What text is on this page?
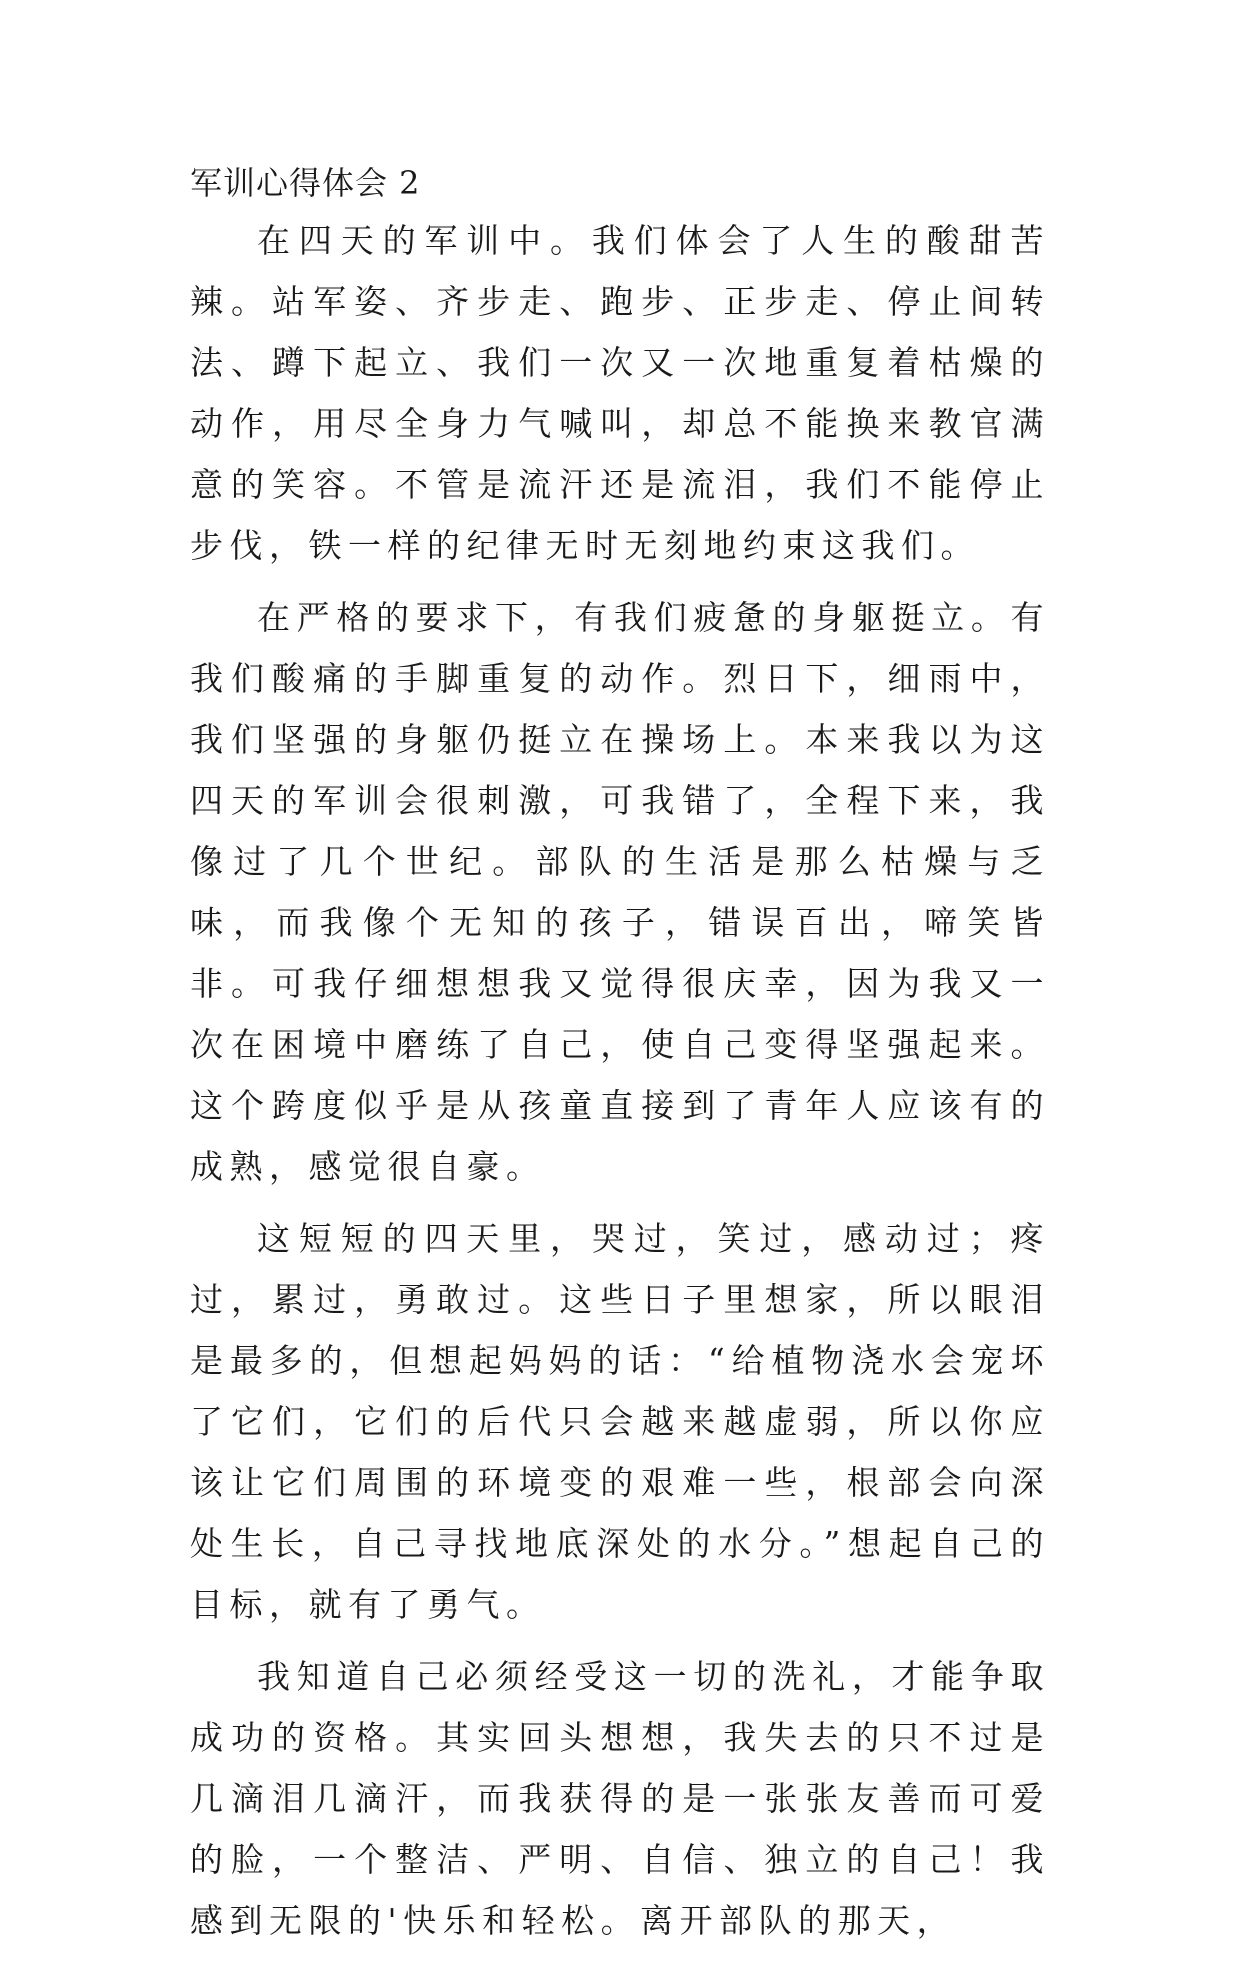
军训心得体会 2

在四天的军训中。我们体会了人生的酸甜苦辣。站军姿、齐步走、跑步、正步走、停止间转法、蹲下起立、我们一次又一次地重复着枯燥的动作，用尽全身力气喊叫，却总不能换来教官满意的笑容。不管是流汗还是流泪，我们不能停止步伐，铁一样的纪律无时无刻地约束这我们。

在严格的要求下，有我们疲惫的身躯挺立。有我们酸痛的手脚重复的动作。烈日下，细雨中，我们坚强的身躯仍挺立在操场上。本来我以为这四天的军训会很刺激，可我错了，全程下来，我像过了几个世纪。部队的生活是那么枯燥与乏味，而我像个无知的孩子，错误百出，啼笑皆非。可我仔细想想我又觉得很庆幸，因为我又一次在困境中磨练了自己，使自己变得坚强起来。这个跨度似乎是从孩童直接到了青年人应该有的成熟，感觉很自豪。

这短短的四天里，哭过，笑过，感动过；疼过，累过，勇敢过。这些日子里想家，所以眼泪是最多的，但想起妈妈的话：“给植物浇水会宠坏了它们，它们的后代只会越来越虚弱，所以你应该让它们周围的环境变的艰难一些，根部会向深处生长，自己寻找地底深处的水分。”想起自己的目标，就有了勇气。

我知道自己必须经受这一切的洗礼，才能争取成功的资格。其实回头想想，我失去的只不过是几滴泪几滴汗，而我获得的是一张张友善而可爱的脸，一个整洁、严明、自信、独立的自己！我感到无限的'快乐和轻松。离开部队的那天，
